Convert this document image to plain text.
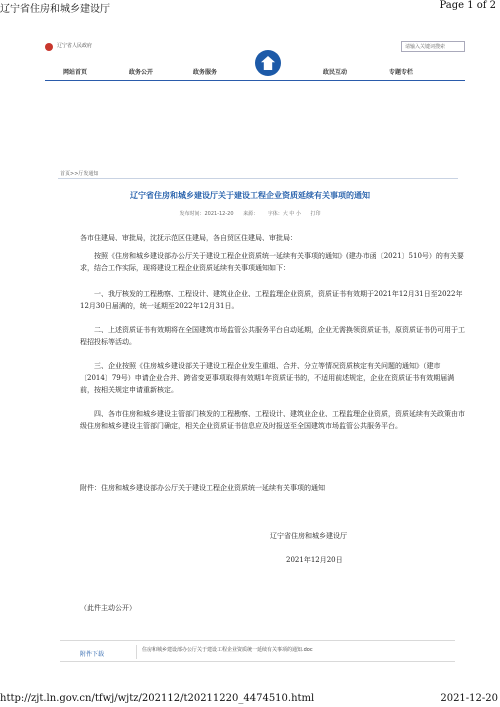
辽宁省住房和城乡建设厅	Page 1 of 2
辽宁省人民政府	请输入关键词搜索
网站首页	政务公开	政务服务	政民互动	专题专栏
首页>>厅发通知
辽宁省住房和城乡建设厅关于建设工程企业资质延续有关事项的通知
发布时间：2021-12-20 来源： 字体：大 中 小 打印

各市住建局、审批局，沈抚示范区住建局，各自贸区住建局、审批局：

按照《住房和城乡建设部办公厅关于建设工程企业资质统一延续有关事项的通知》(建办市函〔2021〕510号）的有关要求，结合工作实际，现将建设工程企业资质延续有关事项通知如下：

一、我厅核发的工程勘察、工程设计、建筑业企业、工程监理企业资质，资质证书有效期于2021年12月31日至2022年12月30日届满的，统一延期至2022年12月31日。

二、上述资质证书有效期将在全国建筑市场监管公共服务平台自动延期，企业无需换领资质证书，原资质证书仍可用于工程招投标等活动。

三、企业按照《住房城乡建设部关于建设工程企业发生重组、合并、分立等情况资质核定有关问题的通知》（建市〔2014〕79号）申请企业合并、跨省变更事项取得有效期1年资质证书的，不适用前述规定，企业在资质证书有效期届满前，按相关规定申请重新核定。

四、各市住房和城乡建设主管部门核发的工程勘察、工程设计、建筑业企业、工程监理企业资质，资质延续有关政策由市级住房和城乡建设主管部门确定，相关企业资质证书信息应及时报送至全国建筑市场监管公共服务平台。

附件：住房和城乡建设部办公厅关于建设工程企业资质统一延续有关事项的通知

辽宁省住房和城乡建设厅
2021年12月20日
（此件主动公开）
附件下载
住房和城乡建设部办公厅关于建设工程企业资质统一延续有关事项的通知.doc
http://zjt.ln.gov.cn/tfwj/wjtz/202112/t20211220_4474510.html	2021-12-20
